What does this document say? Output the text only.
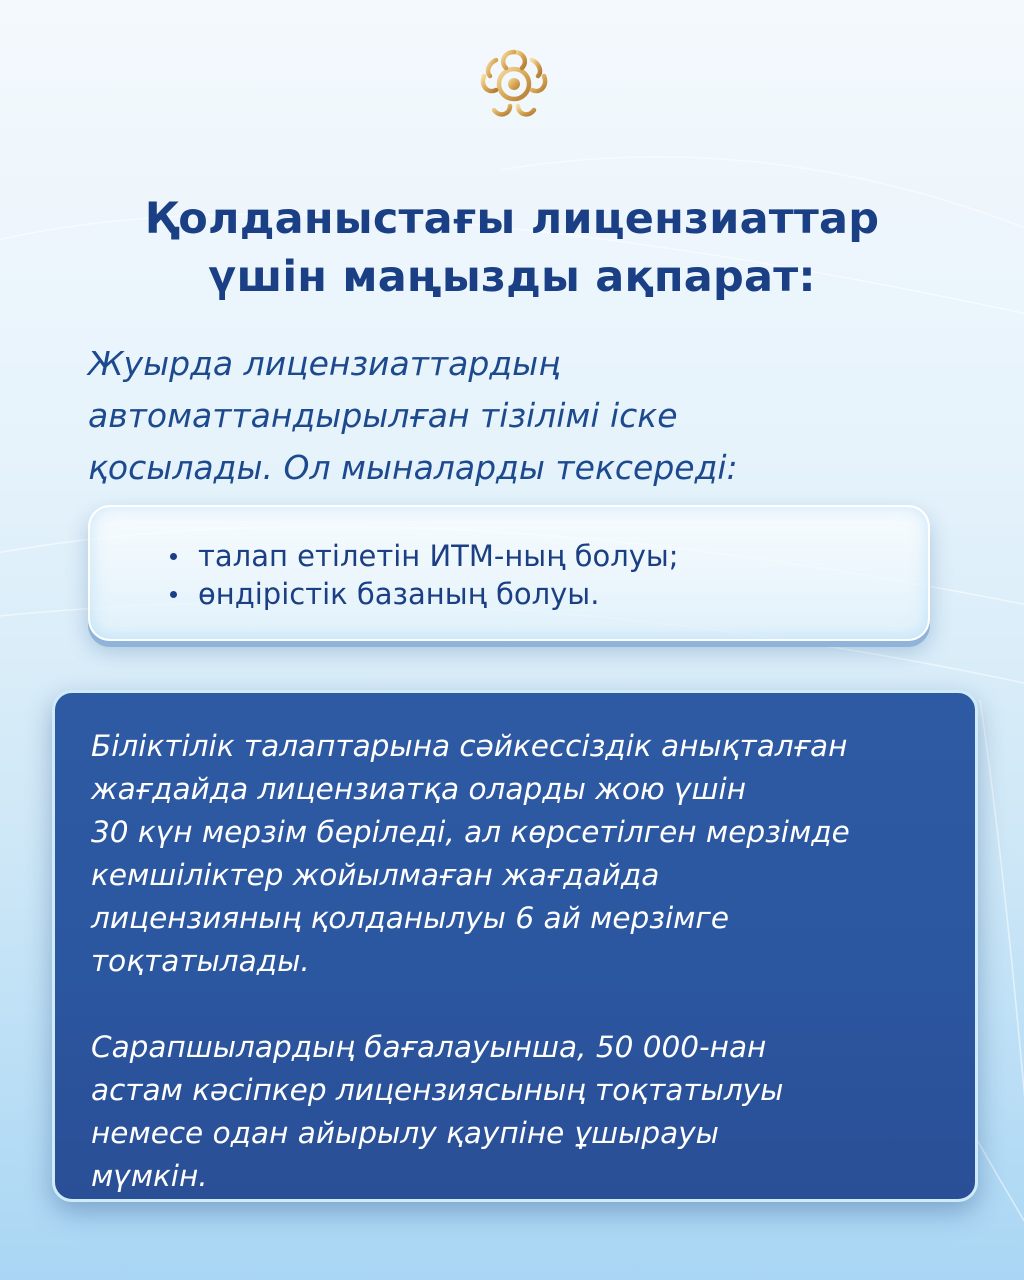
Қолданыстағы лицензиаттар
үшін маңызды ақпарат:
Жуырда лицензиаттардың
автоматтандырылған тізілімі іске
қосылады. Ол мыналарды тексереді:
талап етілетін ИТМ-ның болуы;
өндірістік базаның болуы.

Біліктілік талаптарына сәйкессіздік анықталған
жағдайда лицензиатқа оларды жою үшін
30 күн мерзім беріледі, ал көрсетілген мерзімде
кемшіліктер жойылмаған жағдайда
лицензияның қолданылуы 6 ай мерзімге
тоқтатылады.

Сарапшылардың бағалауынша, 50 000-нан
астам кәсіпкер лицензиясының тоқтатылуы
немесе одан айырылу қаупіне ұшырауы
мүмкін.
